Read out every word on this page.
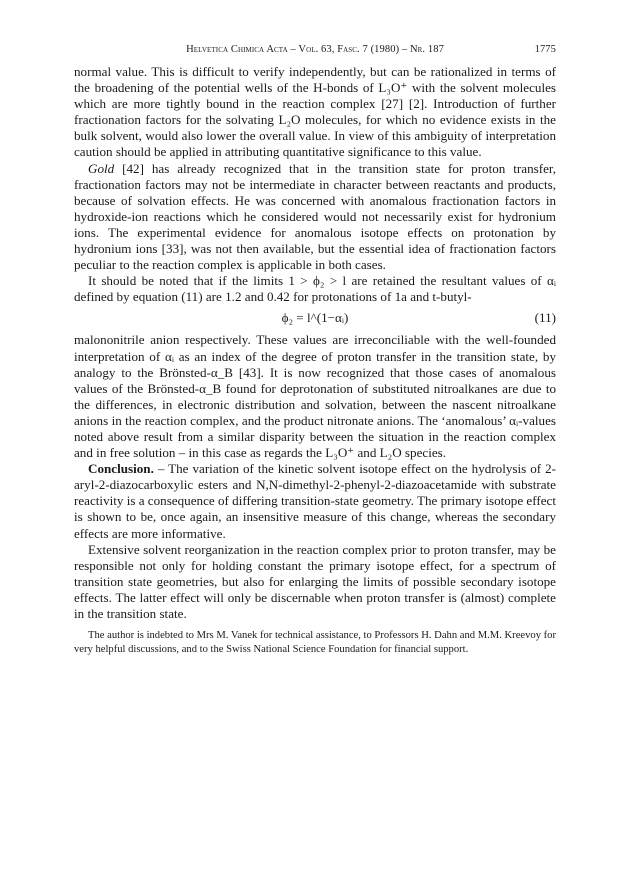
Helvetica Chimica Acta – Vol. 63, Fasc. 7 (1980) – Nr. 187	1775

normal value. This is difficult to verify independently, but can be rationalized in terms of the broadening of the potential wells of the H-bonds of L₃O⁺ with the solvent molecules which are more tightly bound in the reaction complex [27] [2]. Introduction of further fractionation factors for the solvating L₂O molecules, for which no evidence exists in the bulk solvent, would also lower the overall value. In view of this ambiguity of interpretation caution should be applied in attributing quantitative significance to this value.

Gold [42] has already recognized that in the transition state for proton transfer, fractionation factors may not be intermediate in character between reactants and products, because of solvation effects. He was concerned with anomalous fractionation factors in hydroxide-ion reactions which he considered would not necessarily exist for hydronium ions. The experimental evidence for anomalous isotope effects on protonation by hydronium ions [33], was not then available, but the essential idea of fractionation factors peculiar to the reaction complex is applicable in both cases.

It should be noted that if the limits 1 > ϕ₂ > l are retained the resultant values of αᵢ defined by equation (11) are 1.2 and 0.42 for protonations of 1a and t-butyl-

ϕ₂ = l^(1−αᵢ)	(11)

malononitrile anion respectively. These values are irreconciliable with the well-founded interpretation of αᵢ as an index of the degree of proton transfer in the transition state, by analogy to the Brönsted-α_B [43]. It is now recognized that those cases of anomalous values of the Brönsted-α_B found for deprotonation of substituted nitroalkanes are due to the differences, in electronic distribution and solvation, between the nascent nitroalkane anions in the reaction complex, and the product nitronate anions. The ‘anomalous’ αᵢ-values noted above result from a similar disparity between the situation in the reaction complex and in free solution – in this case as regards the L₃O⁺ and L₂O species.

Conclusion. – The variation of the kinetic solvent isotope effect on the hydrolysis of 2-aryl-2-diazocarboxylic esters and N,N-dimethyl-2-phenyl-2-diazoacetamide with substrate reactivity is a consequence of differing transition-state geometry. The primary isotope effect is shown to be, once again, an insensitive measure of this change, whereas the secondary effects are more informative.

Extensive solvent reorganization in the reaction complex prior to proton transfer, may be responsible not only for holding constant the primary isotope effect, for a spectrum of transition state geometries, but also for enlarging the limits of possible secondary isotope effects. The latter effect will only be discernable when proton transfer is (almost) complete in the transition state.

The author is indebted to Mrs M. Vanek for technical assistance, to Professors H. Dahn and M.M. Kreevoy for very helpful discussions, and to the Swiss National Science Foundation for financial support.
